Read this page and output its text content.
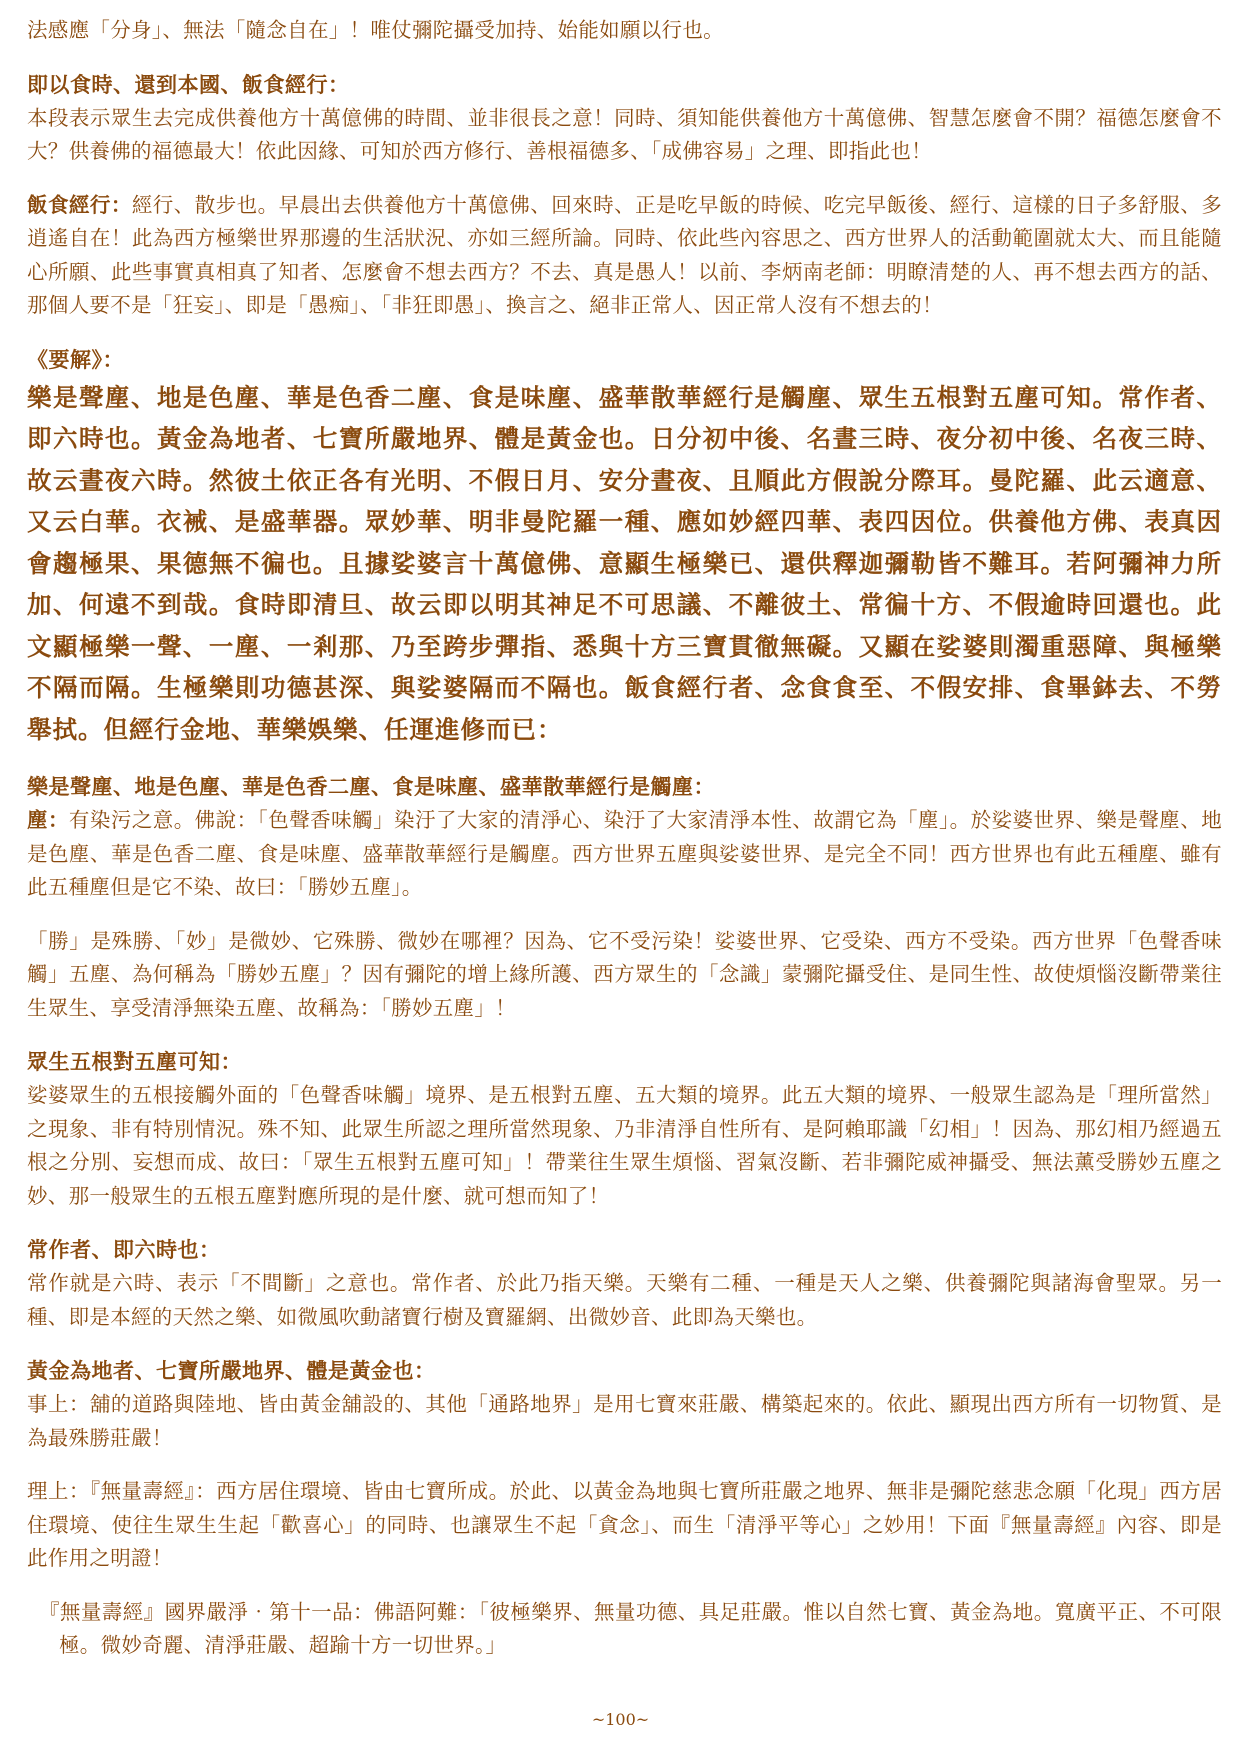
法感應「分身」、無法「隨念自在」！唯仗彌陀攝受加持、始能如願以行也。

即以食時、還到本國、飯食經行：

本段表示眾生去完成供養他方十萬億佛的時間、並非很長之意！同時、須知能供養他方十萬億佛、智慧怎麼會不開？福德怎麼會不大？供養佛的福德最大！依此因緣、可知於西方修行、善根福德多、「成佛容易」之理、即指此也！

飯食經行：經行、散步也。早晨出去供養他方十萬億佛、回來時、正是吃早飯的時候、吃完早飯後、經行、這樣的日子多舒服、多逍遙自在！此為西方極樂世界那邊的生活狀況、亦如三經所論。同時、依此些內容思之、西方世界人的活動範圍就太大、而且能隨心所願、此些事實真相真了知者、怎麼會不想去西方？不去、真是愚人！以前、李炳南老師：明瞭清楚的人、再不想去西方的話、那個人要不是「狂妄」、即是「愚痴」、「非狂即愚」、換言之、絕非正常人、因正常人沒有不想去的！

《要解》：

樂是聲塵、地是色塵、華是色香二塵、食是味塵、盛華散華經行是觸塵、眾生五根對五塵可知。常作者、即六時也。黃金為地者、七寶所嚴地界、體是黃金也。日分初中後、名晝三時、夜分初中後、名夜三時、故云晝夜六時。然彼土依正各有光明、不假日月、安分晝夜、且順此方假說分際耳。曼陀羅、此云適意、又云白華。衣裓、是盛華器。眾妙華、明非曼陀羅一種、應如妙經四華、表四因位。供養他方佛、表真因會趨極果、果德無不徧也。且據娑婆言十萬億佛、意顯生極樂已、還供釋迦彌勒皆不難耳。若阿彌神力所加、何遠不到哉。食時即清旦、故云即以明其神足不可思議、不離彼土、常徧十方、不假逾時回還也。此文顯極樂一聲、一塵、一剎那、乃至跨步彈指、悉與十方三寶貫徹無礙。又顯在娑婆則濁重惡障、與極樂不隔而隔。生極樂則功德甚深、與娑婆隔而不隔也。飯食經行者、念食食至、不假安排、食畢鉢去、不勞舉拭。但經行金地、華樂娛樂、任運進修而已：

樂是聲塵、地是色塵、華是色香二塵、食是味塵、盛華散華經行是觸塵：

塵：有染污之意。佛說：「色聲香味觸」染汙了大家的清淨心、染汙了大家清淨本性、故謂它為「塵」。於娑婆世界、樂是聲塵、地是色塵、華是色香二塵、食是味塵、盛華散華經行是觸塵。西方世界五塵與娑婆世界、是完全不同！西方世界也有此五種塵、雖有此五種塵但是它不染、故曰：「勝妙五塵」。

「勝」是殊勝、「妙」是微妙、它殊勝、微妙在哪裡？因為、它不受污染！娑婆世界、它受染、西方不受染。西方世界「色聲香味觸」五塵、為何稱為「勝妙五塵」？因有彌陀的增上緣所護、西方眾生的「念識」蒙彌陀攝受住、是同生性、故使煩惱沒斷帶業往生眾生、享受清淨無染五塵、故稱為：「勝妙五塵」！

眾生五根對五塵可知：

娑婆眾生的五根接觸外面的「色聲香味觸」境界、是五根對五塵、五大類的境界。此五大類的境界、一般眾生認為是「理所當然」之現象、非有特別情況。殊不知、此眾生所認之理所當然現象、乃非清淨自性所有、是阿賴耶識「幻相」！因為、那幻相乃經過五根之分別、妄想而成、故曰：「眾生五根對五塵可知」！帶業往生眾生煩惱、習氣沒斷、若非彌陀威神攝受、無法薰受勝妙五塵之妙、那一般眾生的五根五塵對應所現的是什麼、就可想而知了！

常作者、即六時也：

常作就是六時、表示「不間斷」之意也。常作者、於此乃指天樂。天樂有二種、一種是天人之樂、供養彌陀與諸海會聖眾。另一種、即是本經的天然之樂、如微風吹動諸寶行樹及寶羅網、出微妙音、此即為天樂也。

黃金為地者、七寶所嚴地界、體是黃金也：

事上：舖的道路與陸地、皆由黃金舖設的、其他「通路地界」是用七寶來莊嚴、構築起來的。依此、顯現出西方所有一切物質、是為最殊勝莊嚴！

理上：『無量壽經』：西方居住環境、皆由七寶所成。於此、以黃金為地與七寶所莊嚴之地界、無非是彌陀慈悲念願「化現」西方居住環境、使往生眾生生起「歡喜心」的同時、也讓眾生不起「貪念」、而生「清淨平等心」之妙用！下面『無量壽經』內容、即是此作用之明證！

『無量壽經』國界嚴淨‧第十一品：佛語阿難：「彼極樂界、無量功德、具足莊嚴。惟以自然七寶、黃金為地。寬廣平正、不可限極。微妙奇麗、清淨莊嚴、超踰十方一切世界。」

~100~
